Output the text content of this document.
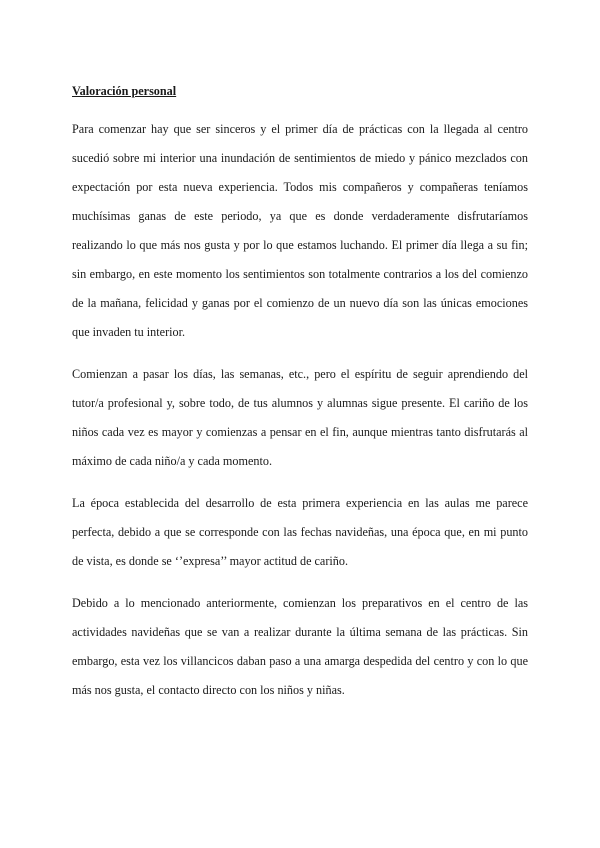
Valoración personal

Para comenzar hay que ser sinceros y el primer día de prácticas con la llegada al centro sucedió sobre mi interior una inundación de sentimientos de miedo y pánico mezclados con expectación por esta nueva experiencia. Todos mis compañeros y compañeras teníamos muchísimas ganas de este periodo, ya que es donde verdaderamente disfrutaríamos realizando lo que más nos gusta y por lo que estamos luchando. El primer día llega a su fin; sin embargo, en este momento los sentimientos son totalmente contrarios a los del comienzo de la mañana, felicidad y ganas por el comienzo de un nuevo día son las únicas emociones que invaden tu interior.

Comienzan a pasar los días, las semanas, etc., pero el espíritu de seguir aprendiendo del tutor/a profesional y, sobre todo, de tus alumnos y alumnas sigue presente. El cariño de los niños cada vez es mayor y comienzas a pensar en el fin, aunque mientras tanto disfrutarás al máximo de cada niño/a y cada momento.

La época establecida del desarrollo de esta primera experiencia en las aulas me parece perfecta, debido a que se corresponde con las fechas navideñas, una época que, en mi punto de vista, es donde se ‘’expresa’’ mayor actitud de cariño.

Debido a lo mencionado anteriormente, comienzan los preparativos en el centro de las actividades navideñas que se van a realizar durante la última semana de las prácticas. Sin embargo, esta vez los villancicos daban paso a una amarga despedida del centro y con lo que más nos gusta, el contacto directo con los niños y niñas.
